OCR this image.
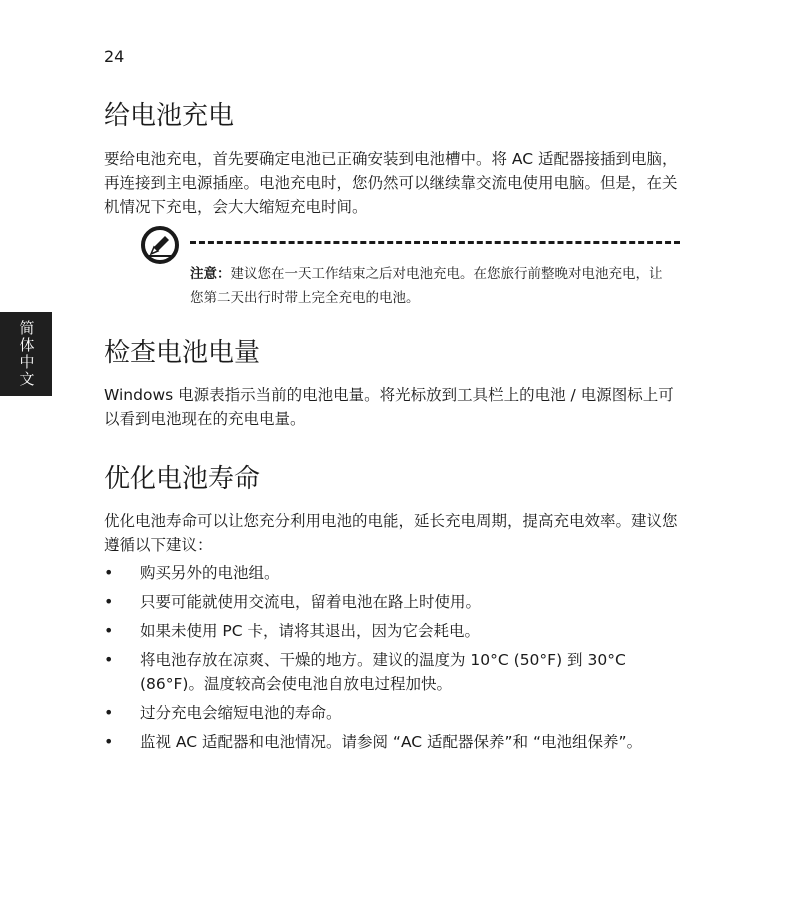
24
简体中文
给电池充电

要给电池充电，首先要确定电池已正确安装到电池槽中。将 AC 适配器接插到电脑，再连接到主电源插座。电池充电时，您仍然可以继续靠交流电使用电脑。但是，在关机情况下充电，会大大缩短充电时间。

注意：建议您在一天工作结束之后对电池充电。在您旅行前整晚对电池充电，让您第二天出行时带上完全充电的电池。

检查电池电量

Windows 电源表指示当前的电池电量。将光标放到工具栏上的电池 / 电源图标上可以看到电池现在的充电电量。

优化电池寿命

优化电池寿命可以让您充分利用电池的电能，延长充电周期，提高充电效率。建议您遵循以下建议：

• 购买另外的电池组。
• 只要可能就使用交流电，留着电池在路上时使用。
• 如果未使用 PC 卡，请将其退出，因为它会耗电。
• 将电池存放在凉爽、干燥的地方。建议的温度为 10°C (50°F) 到 30°C (86°F)。温度较高会使电池自放电过程加快。
• 过分充电会缩短电池的寿命。
• 监视 AC 适配器和电池情况。请参阅 “AC 适配器保养”和 “电池组保养”。
